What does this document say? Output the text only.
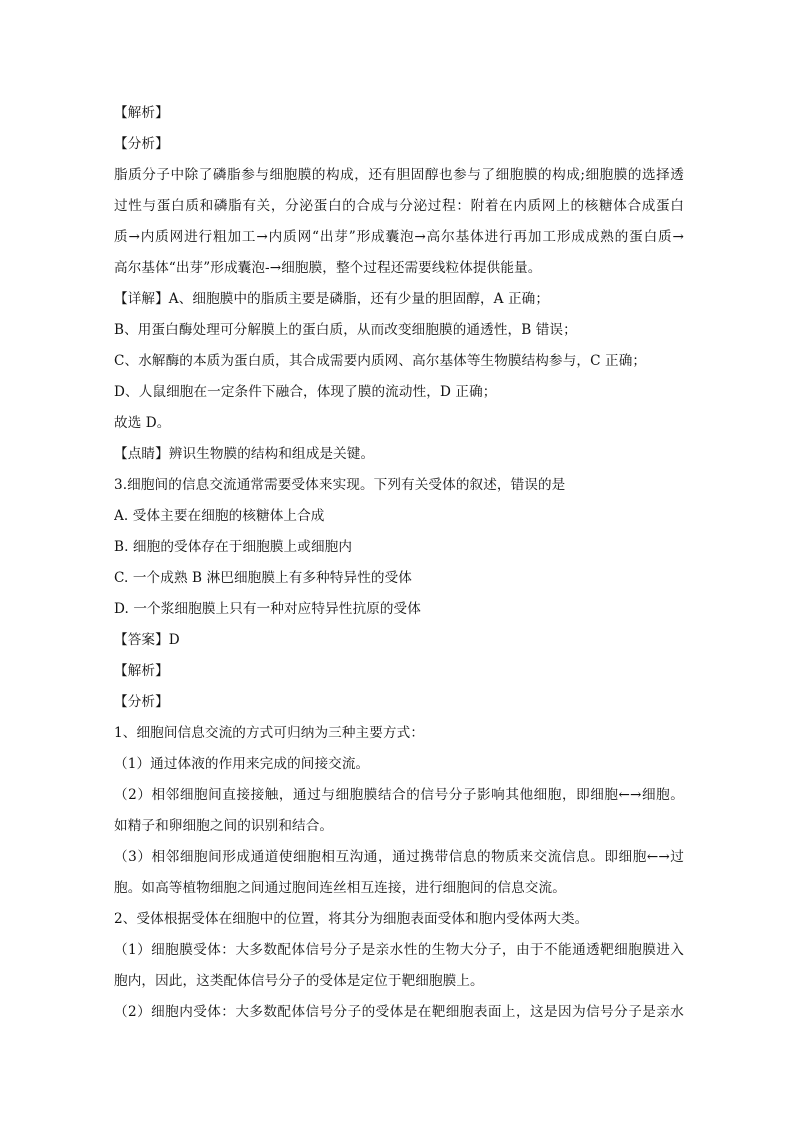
【解析】
【分析】
脂质分子中除了磷脂参与细胞膜的构成，还有胆固醇也参与了细胞膜的构成;细胞膜的选择透
过性与蛋白质和磷脂有关，分泌蛋白的合成与分泌过程：附着在内质网上的核糖体合成蛋白
质→内质网进行粗加工→内质网“出芽”形成囊泡→高尔基体进行再加工形成成熟的蛋白质→
高尔基体“出芽”形成囊泡-→细胞膜，整个过程还需要线粒体提供能量。
【详解】A、细胞膜中的脂质主要是磷脂，还有少量的胆固醇，A 正确；
B、用蛋白酶处理可分解膜上的蛋白质，从而改变细胞膜的通透性，B 错误；
C、水解酶的本质为蛋白质，其合成需要内质网、高尔基体等生物膜结构参与，C 正确；
D、人鼠细胞在一定条件下融合，体现了膜的流动性，D 正确；
故选 D。
【点睛】辨识生物膜的结构和组成是关键。
3.细胞间的信息交流通常需要受体来实现。下列有关受体的叙述，错误的是
A. 受体主要在细胞的核糖体上合成
B. 细胞的受体存在于细胞膜上或细胞内
C. 一个成熟 B 淋巴细胞膜上有多种特异性的受体
D. 一个浆细胞膜上只有一种对应特异性抗原的受体
【答案】D
【解析】
【分析】
1、细胞间信息交流的方式可归纳为三种主要方式：
（1）通过体液的作用来完成的间接交流。
（2）相邻细胞间直接接触，通过与细胞膜结合的信号分子影响其他细胞，即细胞←→细胞。
如精子和卵细胞之间的识别和结合。
（3）相邻细胞间形成通道使细胞相互沟通，通过携带信息的物质来交流信息。即细胞←→过
胞。如高等植物细胞之间通过胞间连丝相互连接，进行细胞间的信息交流。
2、受体根据受体在细胞中的位置，将其分为细胞表面受体和胞内受体两大类。
（1）细胞膜受体：大多数配体信号分子是亲水性的生物大分子，由于不能通透靶细胞膜进入
胞内，因此，这类配体信号分子的受体是定位于靶细胞膜上。
（2）细胞内受体：大多数配体信号分子的受体是在靶细胞表面上，这是因为信号分子是亲水
